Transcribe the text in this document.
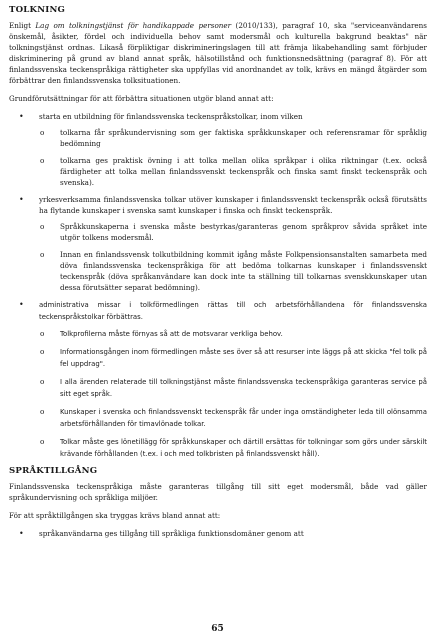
TOLKNING

Enligt Lag om tolkningstjänst för handikappade personer (2010/133), paragraf 10, ska "serviceanvändarens önskemål, åsikter, fördel och individuella behov samt modersmål och kulturella bakgrund beaktas" när tolkningstjänst ordnas. Likaså förpliktigar diskrimineringslagen till att främja likabehandling samt förbjuder diskriminering på grund av bland annat språk, hälsotillstånd och funktionsnedsättning (paragraf 8). För att finlandssvenska teckenspråkiga rättigheter ska uppfyllas vid anordnandet av tolk, krävs en mängd åtgärder som förbättrar den finlandssvenska tolksituationen.

Grundförutsättningar för att förbättra situationen utgör bland annat att:

• starta en utbildning för finlandssvenska teckenspråkstolkar, inom vilken
o tolkarna får språkundervisning som ger faktiska språkkunskaper och referensramar för språklig bedömning
o tolkarna ges praktisk övning i att tolka mellan olika språkpar i olika riktningar (t.ex. också färdigheter att tolka mellan finlandssvenskt teckenspråk och finska samt finskt teckenspråk och svenska).
• yrkesverksamma finlandssvenska tolkar utöver kunskaper i finlandssvenskt teckenspråk också förutsätts ha flytande kunskaper i svenska samt kunskaper i finska och finskt teckenspråk.
o Språkkunskaperna i svenska måste bestyrkas/garanteras genom språkprov såvida språket inte utgör tolkens modersmål.
o Innan en finlandssvensk tolkutbildning kommit igång måste Folkpensionsanstalten samarbeta med döva finlandssvenska teckenspråkiga för att bedöma tolkarnas kunskaper i finlandssvenskt teckenspråk (döva språkanvändare kan dock inte ta ställning till tolkarnas svenskkunskaper utan dessa förutsätter separat bedömning).
• administrativa missar i tolkförmedlingen rättas till och arbetsförhållandena för finlandssvenska teckenspråkstolkar förbättras.
o Tolkprofilerna måste förnyas så att de motsvarar verkliga behov.
o Informationsgången inom förmedlingen måste ses över så att resurser inte läggs på att skicka "fel tolk på fel uppdrag".
o I alla ärenden relaterade till tolkningstjänst måste finlandssvenska teckenspråkiga garanteras service på sitt eget språk.
o Kunskaper i svenska och finlandssvenskt teckenspråk får under inga omständigheter leda till olönsamma arbetsförhållanden för timavlönade tolkar.
o Tolkar måste ges lönetillägg för språkkunskaper och därtill ersättas för tolkningar som görs under särskilt krävande förhållanden (t.ex. i och med tolkbristen på finlandssvenskt håll).
SPRÅKTILLGÅNG

Finlandssvenska teckenspråkiga måste garanteras tillgång till sitt eget modersmål, både vad gäller språkundervisning och språkliga miljöer.

För att språktillgången ska tryggas krävs bland annat att:

• språkanvändarna ges tillgång till språkliga funktionsdomäner genom att
65
